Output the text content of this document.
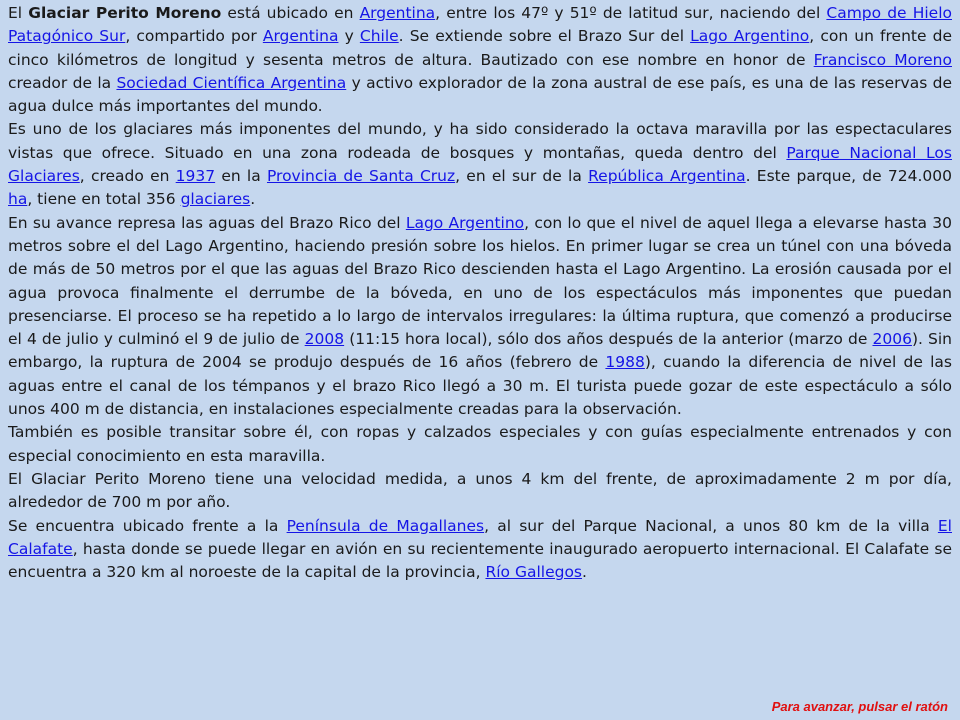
El Glaciar Perito Moreno está ubicado en Argentina, entre los 47º y 51º de latitud sur, naciendo del Campo de Hielo Patagónico Sur, compartido por Argentina y Chile. Se extiende sobre el Brazo Sur del Lago Argentino, con un frente de cinco kilómetros de longitud y sesenta metros de altura. Bautizado con ese nombre en honor de Francisco Moreno creador de la Sociedad Científica Argentina y activo explorador de la zona austral de ese país, es una de las reservas de agua dulce más importantes del mundo.

Es uno de los glaciares más imponentes del mundo, y ha sido considerado la octava maravilla por las espectaculares vistas que ofrece. Situado en una zona rodeada de bosques y montañas, queda dentro del Parque Nacional Los Glaciares, creado en 1937 en la Provincia de Santa Cruz, en el sur de la República Argentina. Este parque, de 724.000 ha, tiene en total 356 glaciares.

En su avance represa las aguas del Brazo Rico del Lago Argentino, con lo que el nivel de aquel llega a elevarse hasta 30 metros sobre el del Lago Argentino, haciendo presión sobre los hielos. En primer lugar se crea un túnel con una bóveda de más de 50 metros por el que las aguas del Brazo Rico descienden hasta el Lago Argentino. La erosión causada por el agua provoca finalmente el derrumbe de la bóveda, en uno de los espectáculos más imponentes que puedan presenciarse. El proceso se ha repetido a lo largo de intervalos irregulares: la última ruptura, que comenzó a producirse el 4 de julio y culminó el 9 de julio de 2008 (11:15 hora local), sólo dos años después de la anterior (marzo de 2006). Sin embargo, la ruptura de 2004 se produjo después de 16 años (febrero de 1988), cuando la diferencia de nivel de las aguas entre el canal de los témpanos y el brazo Rico llegó a 30 m. El turista puede gozar de este espectáculo a sólo unos 400 m de distancia, en instalaciones especialmente creadas para la observación.

También es posible transitar sobre él, con ropas y calzados especiales y con guías especialmente entrenados y con especial conocimiento en esta maravilla.

El Glaciar Perito Moreno tiene una velocidad medida, a unos 4 km del frente, de aproximadamente 2 m por día, alrededor de 700 m por año.

Se encuentra ubicado frente a la Península de Magallanes, al sur del Parque Nacional, a unos 80 km de la villa El Calafate, hasta donde se puede llegar en avión en su recientemente inaugurado aeropuerto internacional. El Calafate se encuentra a 320 km al noroeste de la capital de la provincia, Río Gallegos.

Para avanzar, pulsar el ratón
